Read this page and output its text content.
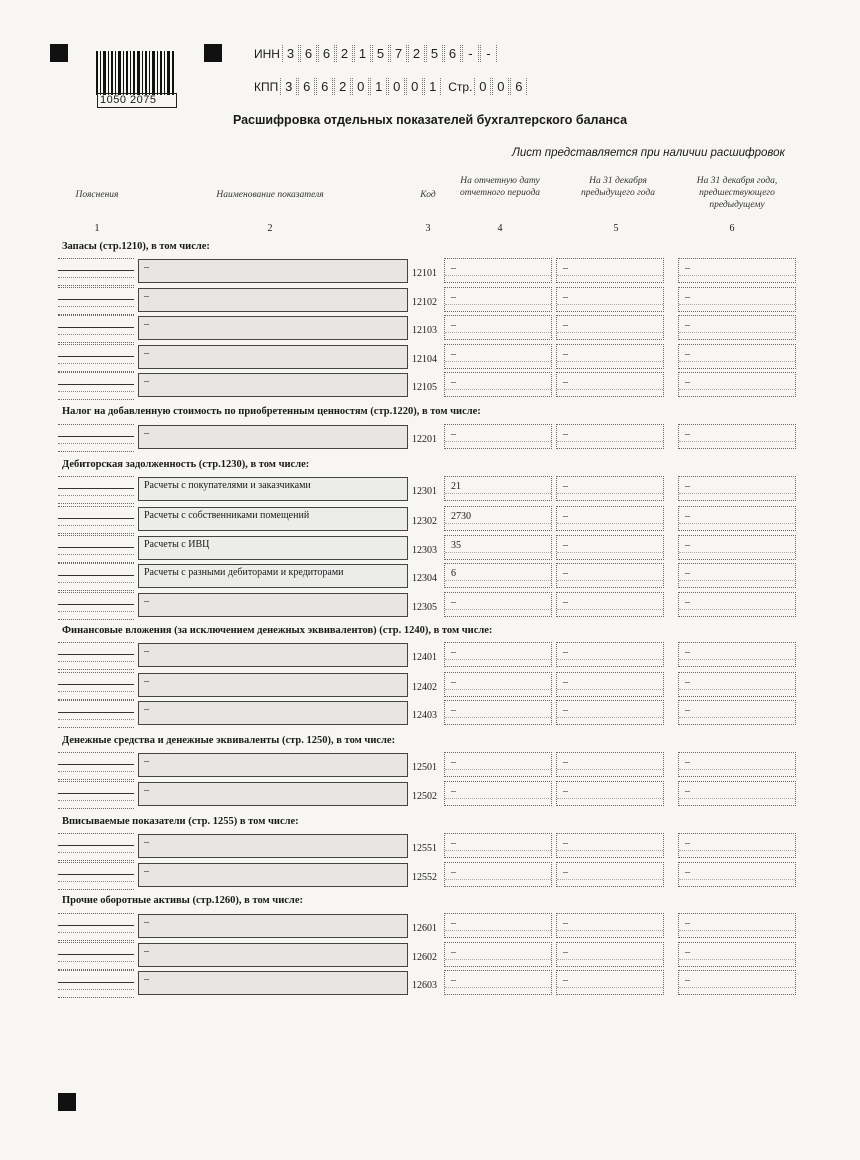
1050 2075
ИНН 3 6 6 2 1 5 7 2 5 6 -	-
КПП 3 6 6 2 0 1 0 0 1 Стр. 0 0 6
Расшифровка отдельных показателей бухгалтерского баланса
Лист представляется при наличии расшифровок
Пояснения	Наименование показателя	Код
На отчетную дату отчетного периода
На 31 декабря предыдущего года
На 31 декабря года, предшествующего предыдущему
1	2	3	4	5	6
Запасы (стр.1210), в том числе:
–
12101	–	–	–
–
12102	–	–	–
–
12103	–	–	–
–
12104	–	–	–
–
12105	–	–	–
Налог на добавленную стоимость по приобретенным ценностям (стр.1220), в том числе:
–
12201	–	–	–
Дебиторская задолженность (стр.1230), в том числе:
Расчеты с покупателями и заказчиками
12301	21	–	–
Расчеты с собственниками помещений
12302	2730	–	–
Расчеты с ИВЦ
12303	35	–	–
Расчеты с разными дебиторами и кредиторами
12304	6	–	–
–
12305	–	–	–
Финансовые вложения (за исключением денежных эквивалентов) (стр. 1240), в том числе:
–
12401	–	–	–
–
12402	–	–	–
–
12403	–	–	–
Денежные средства и денежные эквиваленты (стр. 1250), в том числе:
–
12501	–	–	–
–
12502	–	–	–
Вписываемые показатели (стр. 1255) в том числе:
–
12551	–	–	–
–
12552	–	–	–
Прочие оборотные активы (стр.1260), в том числе:
–
12601	–	–	–
–
12602	–	–	–
–
12603	–	–	–
